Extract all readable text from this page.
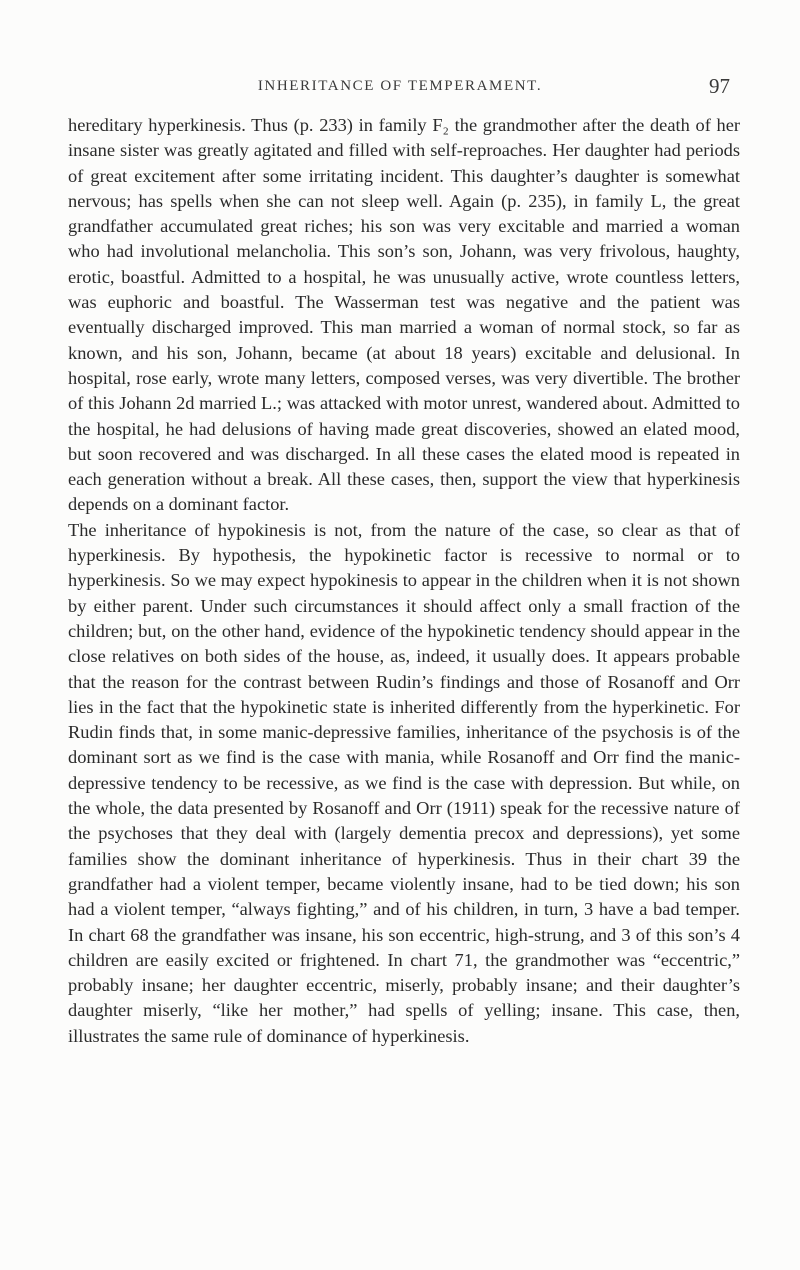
INHERITANCE OF TEMPERAMENT.	97

hereditary hyperkinesis. Thus (p. 233) in family F₂ the grandmother after the death of her insane sister was greatly agitated and filled with self-reproaches. Her daughter had periods of great excitement after some irritating incident. This daughter’s daughter is somewhat nervous; has spells when she can not sleep well. Again (p. 235), in family L, the great grandfather accumulated great riches; his son was very excitable and married a woman who had involutional melancholia. This son’s son, Johann, was very frivolous, haughty, erotic, boastful. Admitted to a hospital, he was unusually active, wrote countless letters, was euphoric and boastful. The Wasserman test was negative and the patient was eventually discharged improved. This man married a woman of normal stock, so far as known, and his son, Johann, became (at about 18 years) excitable and delusional. In hospital, rose early, wrote many letters, composed verses, was very divertible. The brother of this Johann 2d married L.; was attacked with motor unrest, wandered about. Admitted to the hospital, he had delusions of having made great discoveries, showed an elated mood, but soon recovered and was discharged. In all these cases the elated mood is repeated in each generation without a break. All these cases, then, support the view that hyperkinesis depends on a dominant factor.

The inheritance of hypokinesis is not, from the nature of the case, so clear as that of hyperkinesis. By hypothesis, the hypokinetic factor is recessive to normal or to hyperkinesis. So we may expect hypokinesis to appear in the children when it is not shown by either parent. Under such circumstances it should affect only a small fraction of the children; but, on the other hand, evidence of the hypokinetic tendency should appear in the close relatives on both sides of the house, as, indeed, it usually does. It appears probable that the reason for the contrast between Rudin’s findings and those of Rosanoff and Orr lies in the fact that the hypokinetic state is inherited differently from the hyperkinetic. For Rudin finds that, in some manic-depressive families, inheritance of the psychosis is of the dominant sort as we find is the case with mania, while Rosanoff and Orr find the manic-depressive tendency to be recessive, as we find is the case with depression. But while, on the whole, the data presented by Rosanoff and Orr (1911) speak for the recessive nature of the psychoses that they deal with (largely dementia precox and depressions), yet some families show the dominant inheritance of hyperkinesis. Thus in their chart 39 the grandfather had a violent temper, became violently insane, had to be tied down; his son had a violent temper, “always fighting,” and of his children, in turn, 3 have a bad temper. In chart 68 the grandfather was insane, his son eccentric, high-strung, and 3 of this son’s 4 children are easily excited or frightened. In chart 71, the grandmother was “eccentric,” probably insane; her daughter eccentric, miserly, probably insane; and their daughter’s daughter miserly, “like her mother,” had spells of yelling; insane. This case, then, illustrates the same rule of dominance of hyperkinesis.
